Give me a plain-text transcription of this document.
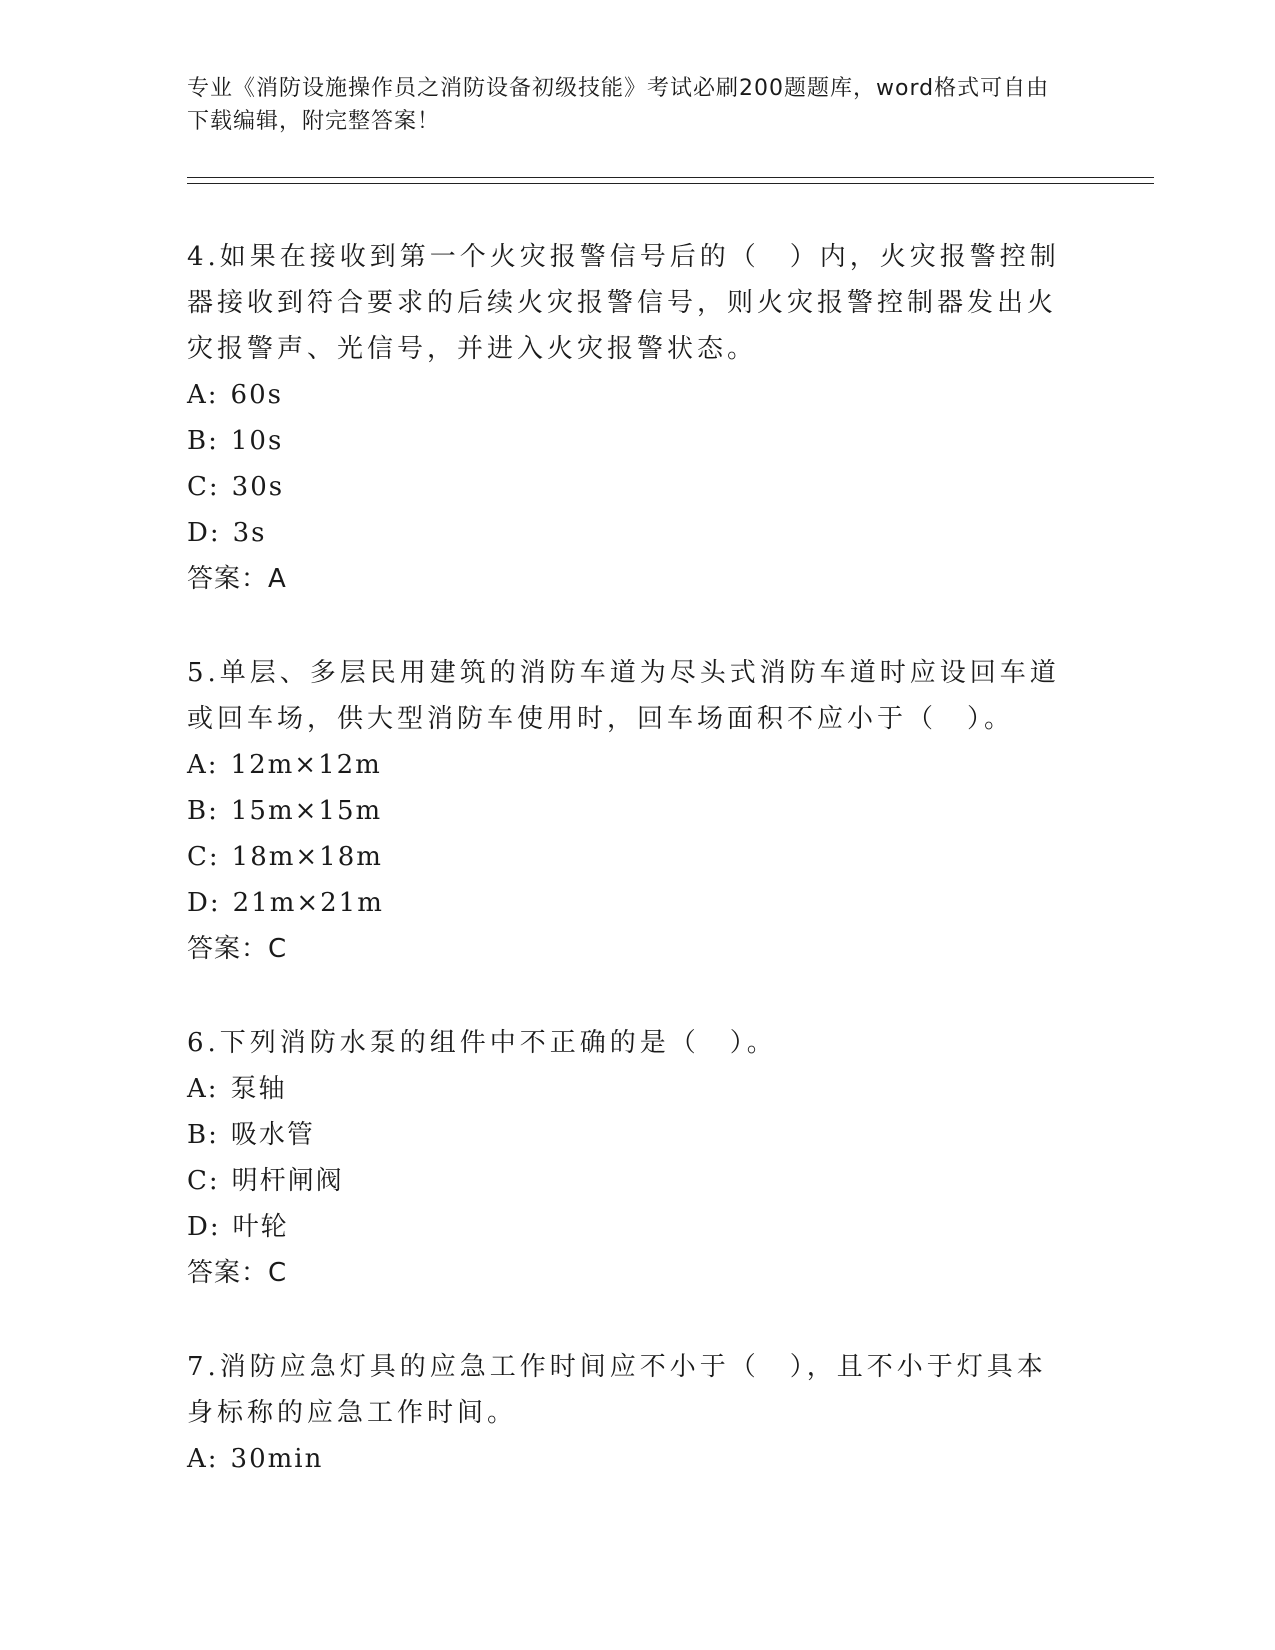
专业《消防设施操作员之消防设备初级技能》考试必刷200题题库，word格式可自由下载编辑，附完整答案！

4.如果在接收到第一个火灾报警信号后的（　）内，火灾报警控制器接收到符合要求的后续火灾报警信号，则火灾报警控制器发出火灾报警声、光信号，并进入火灾报警状态。

A: 60s

B: 10s

C: 30s

D: 3s

答案：A

5.单层、多层民用建筑的消防车道为尽头式消防车道时应设回车道或回车场，供大型消防车使用时，回车场面积不应小于（　）。

A: 12m×12m

B: 15m×15m

C: 18m×18m

D: 21m×21m

答案：C

6.下列消防水泵的组件中不正确的是（　）。

A: 泵轴

B: 吸水管

C: 明杆闸阀

D: 叶轮

答案：C

7.消防应急灯具的应急工作时间应不小于（　），且不小于灯具本身标称的应急工作时间。

A: 30min
